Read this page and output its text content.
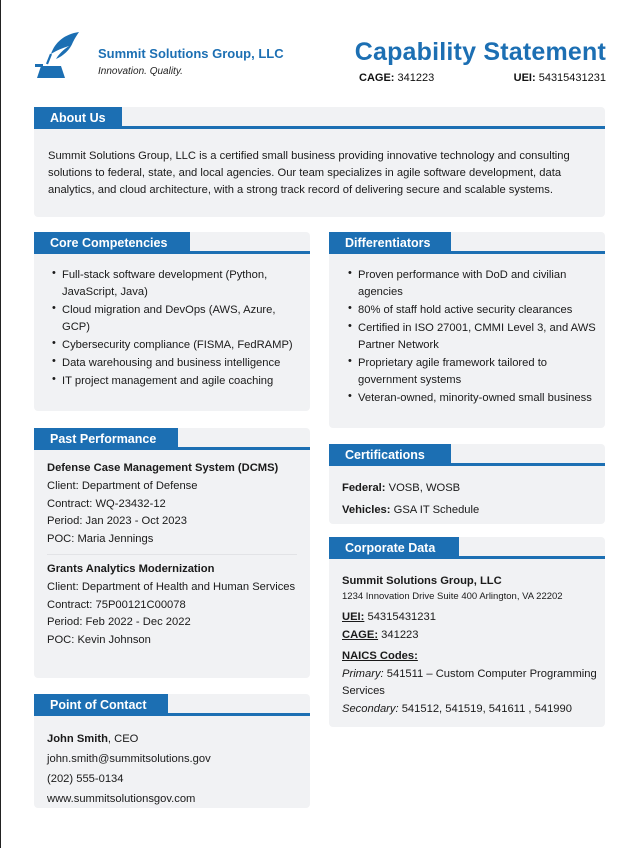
Summit Solutions Group, LLC
Innovation. Quality.
Capability Statement
CAGE: 341223	UEI: 54315431231
About Us
Summit Solutions Group, LLC is a certified small business providing innovative technology and consulting solutions to federal, state, and local agencies. Our team specializes in agile software development, data analytics, and cloud architecture, with a strong track record of delivering secure and scalable systems.
Core Competencies
• Full-stack software development (Python, JavaScript, Java)
• Cloud migration and DevOps (AWS, Azure, GCP)
• Cybersecurity compliance (FISMA, FedRAMP)
• Data warehousing and business intelligence
• IT project management and agile coaching
Differentiators
• Proven performance with DoD and civilian agencies
• 80% of staff hold active security clearances
• Certified in ISO 27001, CMMI Level 3, and AWS Partner Network
• Proprietary agile framework tailored to government systems
• Veteran-owned, minority-owned small business
Past Performance
Defense Case Management System (DCMS)
Client: Department of Defense
Contract: WQ-23432-12
Period: Jan 2023 - Oct 2023
POC: Maria Jennings
Grants Analytics Modernization
Client: Department of Health and Human Services
Contract: 75P00121C00078
Period: Feb 2022 - Dec 2022
POC: Kevin Johnson
Certifications
Federal: VOSB, WOSB
Vehicles: GSA IT Schedule
Corporate Data
Summit Solutions Group, LLC
1234 Innovation Drive Suite 400 Arlington, VA 22202
UEI: 54315431231
CAGE: 341223
NAICS Codes:
Primary: 541511 – Custom Computer Programming Services
Secondary: 541512, 541519, 541611 , 541990
Point of Contact
John Smith, CEO
john.smith@summitsolutions.gov
(202) 555-0134
www.summitsolutionsgov.com
